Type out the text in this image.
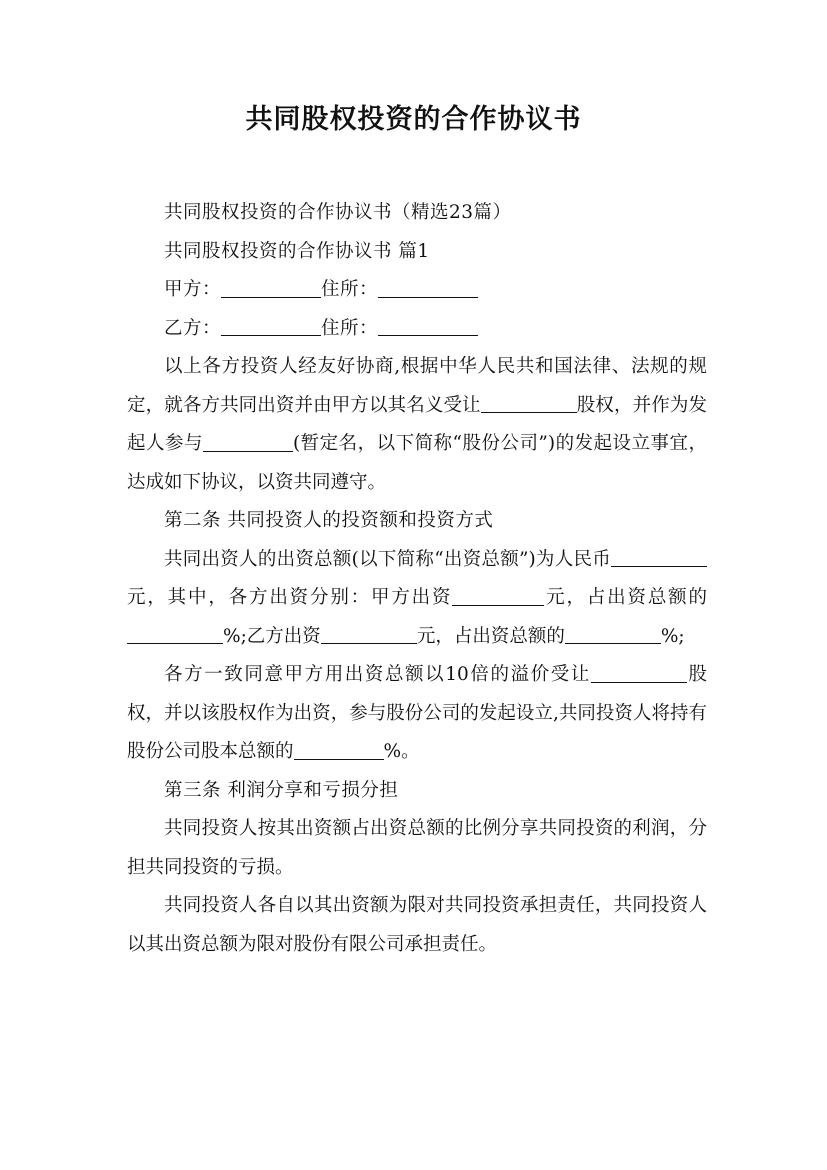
共同股权投资的合作协议书

共同股权投资的合作协议书（精选23篇）

共同股权投资的合作协议书 篇1

甲方：	住所：

乙方：	住所：

以上各方投资人经友好协商,根据中华人民共和国法律、法规的规定，就各方共同出资并由甲方以其名义受让	股权，并作为发起人参与	(暂定名，以下简称“股份公司”)的发起设立事宜，达成如下协议，以资共同遵守。

第二条 共同投资人的投资额和投资方式

共同出资人的出资总额(以下简称“出资总额”)为人民币元，其中，各方出资分别：甲方出资	元，占出资总额的%;乙方出资	元，占出资总额的	%;

各方一致同意甲方用出资总额以10倍的溢价受让	股权，并以该股权作为出资，参与股份公司的发起设立,共同投资人将持有股份公司股本总额的	%。

第三条 利润分享和亏损分担

共同投资人按其出资额占出资总额的比例分享共同投资的利润，分担共同投资的亏损。

共同投资人各自以其出资额为限对共同投资承担责任，共同投资人以其出资总额为限对股份有限公司承担责任。
